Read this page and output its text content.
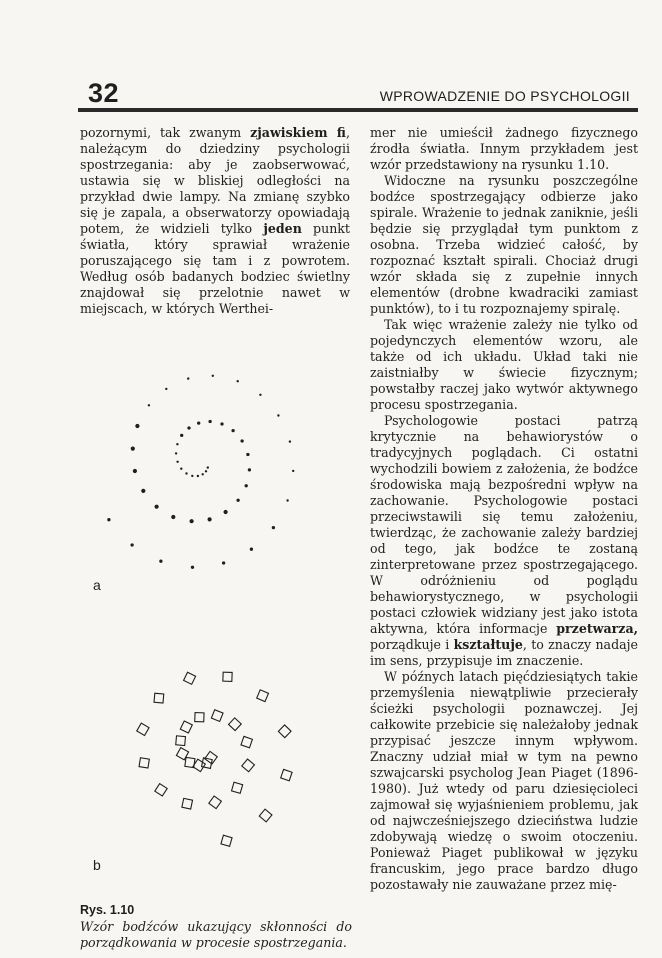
32	WPROWADZENIE DO PSYCHOLOGII

pozornymi, tak zwanym zjawiskiem fi, należącym do dziedziny psychologii spostrzegania: aby je zaobserwować, ustawia się w bliskiej odległości na przykład dwie lampy. Na zmianę szybko się je zapala, a obserwatorzy opowiadają potem, że widzieli tylko jeden punkt światła, który sprawiał wrażenie poruszającego się tam i z powrotem. Według osób badanych bodziec świetlny znajdował się przelotnie nawet w miejscach, w których Werthei-

a
b
Rys. 1.10
Wzór bodźców ukazujący skłonności do porządkowania w procesie spostrzegania.

mer nie umieścił żadnego fizycznego źrodła światła. Innym przykładem jest wzór przedstawiony na rysunku 1.10.

Widoczne na rysunku poszczególne bodźce spostrzegający odbierze jako spirale. Wrażenie to jednak zaniknie, jeśli będzie się przyglądał tym punktom z osobna. Trzeba widzieć całość, by rozpoznać kształt spirali. Chociaż drugi wzór składa się z zupełnie innych elementów (drobne kwadraciki zamiast punktów), to i tu rozpoznajemy spiralę.

Tak więc wrażenie zależy nie tylko od pojedynczych elementów wzoru, ale także od ich układu. Układ taki nie zaistniałby w świecie fizycznym; powstałby raczej jako wytwór aktywnego procesu spostrzegania.

Psychologowie postaci patrzą krytycznie na behawiorystów o tradycyjnych poglądach. Ci ostatni wychodzili bowiem z założenia, że bodźce środowiska mają bezpośredni wpływ na zachowanie. Psychologowie postaci przeciwstawili się temu założeniu, twierdząc, że zachowanie zależy bardziej od tego, jak bodźce te zostaną zinterpretowane przez spostrzegającego. W odróżnieniu od poglądu behawiorystycznego, w psychologii postaci człowiek widziany jest jako istota aktywna, która informacje przetwarza, porządkuje i kształtuje, to znaczy nadaje im sens, przypisuje im znaczenie.

W późnych latach pięćdziesiątych takie przemyślenia niewątpliwie przecierały ścieżki psychologii poznawczej. Jej całkowite przebicie się należałoby jednak przypisać jeszcze innym wpływom. Znaczny udział miał w tym na pewno szwajcarski psycholog Jean Piaget (1896-1980). Już wtedy od paru dziesięcioleci zajmował się wyjaśnieniem problemu, jak od najwcześniejszego dzieciństwa ludzie zdobywają wiedzę o swoim otoczeniu. Ponieważ Piaget publikował w języku francuskim, jego prace bardzo długo pozostawały nie zauważane przez mię-
